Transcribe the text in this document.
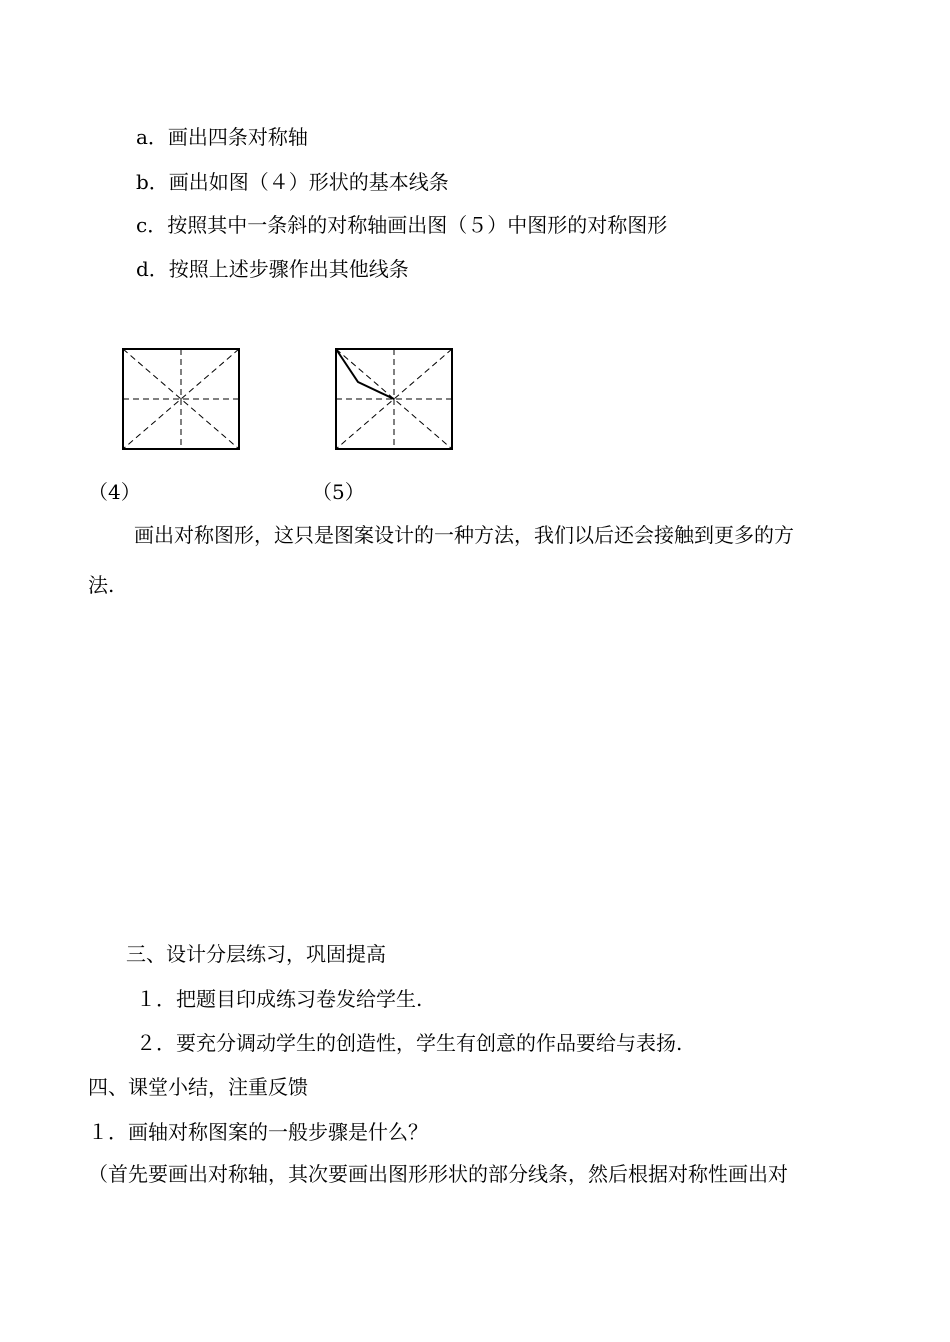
a．画出四条对称轴
b．画出如图（４）形状的基本线条
c．按照其中一条斜的对称轴画出图（５）中图形的对称图形
d．按照上述步骤作出其他线条
（4）	（5）
画出对称图形，这只是图案设计的一种方法，我们以后还会接触到更多的方
法.
三、设计分层练习，巩固提高
１．把题目印成练习卷发给学生.
２．要充分调动学生的创造性，学生有创意的作品要给与表扬.
四、课堂小结，注重反馈
１．画轴对称图案的一般步骤是什么？
（首先要画出对称轴，其次要画出图形形状的部分线条，然后根据对称性画出对
